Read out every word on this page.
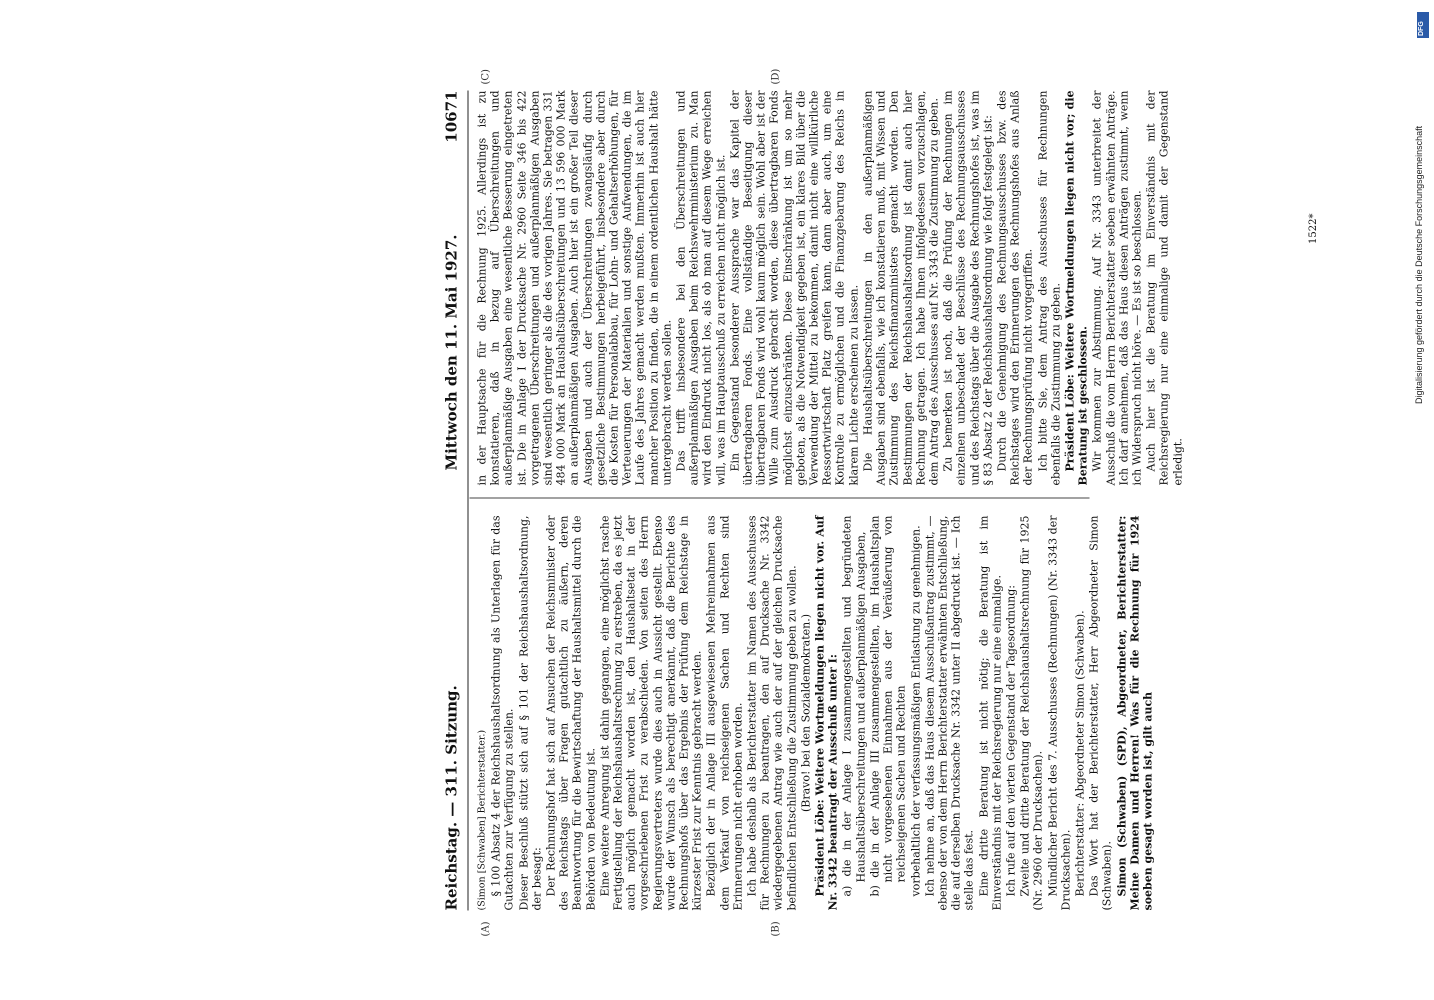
Reichstag. — 311. Sitzung.
Mittwoch den 11. Mai 1927.
10671

(Simon [Schwaben] Berichterstatter.) § 100 Absatz 4 der Reichshaushaltsordnung als Unterlagen für das Gutachten zur Verfügung zu stellen. Dieser Beschluß stützt sich auf § 101 der Reichshaushaltsordnung, der besagt: Der Rechnungshof hat sich auf Ansuchen der Reichsminister oder des Reichstags über Fragen gutachtlich zu äußern, deren Beantwortung für die Bewirtschaftung der Haushaltsmittel durch die Behörden von Bedeutung ist. Eine weitere Anregung ist dahin gegangen, eine möglichst rasche Fertigstellung der Reichshaushaltsrechnung zu erstreben, da es jetzt auch möglich gemacht worden ist, den Haushaltsetat in der vorgeschriebenen Frist zu verabschieden. Von seiten des Herrn Regierungsvertreters wurde dies auch in Aussicht gestellt. Ebenso wurde der Wunsch als berechtigt anerkannt, daß die Berichte des Rechnungshofs über das Ergebnis der Prüfung dem Reichstage in kürzester Frist zur Kenntnis gebracht werden. Bezüglich der in Anlage III ausgewiesenen Mehreinnahmen aus dem Verkauf von reichseigenen Sachen und Rechten sind Erinnerungen nicht erhoben worden. Ich habe deshalb als Berichterstatter im Namen des Ausschusses für Rechnungen zu beantragen, den auf Drucksache Nr. 3342 wiedergegebenen Antrag wie auch der auf der gleichen Drucksache befindlichen Entschließung die Zustimmung geben zu wollen. (Bravo! bei den Sozialdemokraten.) Präsident Löbe: Weitere Wortmeldungen liegen nicht vor. Auf Nr. 3342 beantragt der Ausschuß unter I: a) die in der Anlage I zusammengestellten und begründeten Haushaltsüberschreitungen und außerplanmäßigen Ausgaben, b) die in der Anlage III zusammengestellten, im Haushaltsplan nicht vorgesehenen Einnahmen aus der Veräußerung von reichseigenen Sachen und Rechten vorbehaltlich der verfassungsmäßigen Entlastung zu genehmigen. Ich nehme an, daß das Haus diesem Ausschußantrag zustimmt, — ebenso der von dem Herrn Berichterstatter erwähnten Entschließung, die auf derselben Drucksache Nr. 3342 unter II abgedruckt ist. — Ich stelle das fest. Eine dritte Beratung ist nicht nötig; die Beratung ist im Einverständnis mit der Reichsregierung nur eine einmalige. Ich rufe auf den vierten Gegenstand der Tagesordnung: Zweite und dritte Beratung der Reichshaushaltsrechnung für 1925 (Nr. 2960 der Drucksachen). Mündlicher Bericht des 7. Ausschusses (Rechnungen) (Nr. 3343 der Drucksachen). Berichterstatter: Abgeordneter Simon (Schwaben). Das Wort hat der Berichterstatter, Herr Abgeordneter Simon (Schwaben). Simon (Schwaben) (SPD), Abgeordneter, Berichterstatter: Meine Damen und Herren! Was für die Rechnung für 1924 soeben gesagt worden ist, gilt auch

in der Hauptsache für die Rechnung 1925. Allerdings ist zu konstatieren, daß in bezug auf Überschreitungen und außerplanmäßige Ausgaben eine wesentliche Besserung eingetreten ist. Die in Anlage I der Drucksache Nr. 2960 Seite 346 bis 422 vorgetragenen Überschreitungen und außerplanmäßigen Ausgaben sind wesentlich geringer als die des vorigen Jahres. Sie betragen 331 484 000 Mark an Haushaltsüberschreitungen und 13 596 000 Mark an außerplanmäßigen Ausgaben. Auch hier ist ein großer Teil dieser Ausgaben und auch der Überschreitungen zwangsläufig durch gesetzliche Bestimmungen herbeigeführt, insbesondere aber durch die Kosten für Personalabbau, für Lohn- und Gehaltserhöhungen, für Verteuerungen der Materialien und sonstige Aufwendungen, die im Laufe des Jahres gemacht werden mußten. Immerhin ist auch hier mancher Position zu finden, die in einem ordentlichen Haushalt hätte untergebracht werden sollen. Das trifft insbesondere bei den Überschreitungen und außerplanmäßigen Ausgaben beim Reichswehrministerium zu. Man wird den Eindruck nicht los, als ob man auf diesem Wege erreichen will, was im Hauptausschuß zu erreichen nicht möglich ist. Ein Gegenstand besonderer Aussprache war das Kapitel der übertragbaren Fonds. Eine vollständige Beseitigung dieser übertragbaren Fonds wird wohl kaum möglich sein. Wohl aber ist der Wille zum Ausdruck gebracht worden, diese übertragbaren Fonds möglichst einzuschränken. Diese Einschränkung ist um so mehr geboten, als die Notwendigkeit gegeben ist, ein klares Bild über die Verwendung der Mittel zu bekommen, damit nicht eine willkürliche Ressortwirtschaft Platz greifen kann, dann aber auch, um eine Kontrolle zu ermöglichen und die Finanzgebarung des Reichs in klarem Lichte erscheinen zu lassen. Die Haushaltsüberschreitungen in den außerplanmäßigen Ausgaben sind ebenfalls, wie ich konstatieren muß, mit Wissen und Zustimmung des Reichsfinanzministers gemacht worden. Den Bestimmungen der Reichshaushaltsordnung ist damit auch hier Rechnung getragen. Ich habe Ihnen infolgedessen vorzuschlagen, dem Antrag des Ausschusses auf Nr. 3343 die Zustimmung zu geben. Zu bemerken ist noch, daß die Prüfung der Rechnungen im einzelnen unbeschadet der Beschlüsse des Rechnungsausschusses und des Reichstags über die Ausgabe des Rechnungshofes ist, was im § 83 Absatz 2 der Reichshaushaltsordnung wie folgt festgelegt ist: Durch die Genehmigung des Rechnungsausschusses bzw. des Reichstages wird den Erinnerungen des Rechnungshofes aus Anlaß der Rechnungsprüfung nicht vorgegriffen. Ich bitte Sie, dem Antrag des Ausschusses für Rechnungen ebenfalls die Zustimmung zu geben. Präsident Löbe: Weitere Wortmeldungen liegen nicht vor; die Beratung ist geschlossen. Wir kommen zur Abstimmung. Auf Nr. 3343 unterbreitet der Ausschuß die vom Herrn Berichterstatter soeben erwähnten Anträge. Ich darf annehmen, daß das Haus diesen Anträgen zustimmt, wenn ich Widerspruch nicht höre. — Es ist so beschlossen. Auch hier ist die Beratung im Einverständnis mit der Reichsregierung nur eine einmalige und damit der Gegenstand erledigt.

(A)	(B)
(C)	(D)
1522*
DFG
Digitalisierung gefördert durch die Deutsche Forschungsgemeinschaft
